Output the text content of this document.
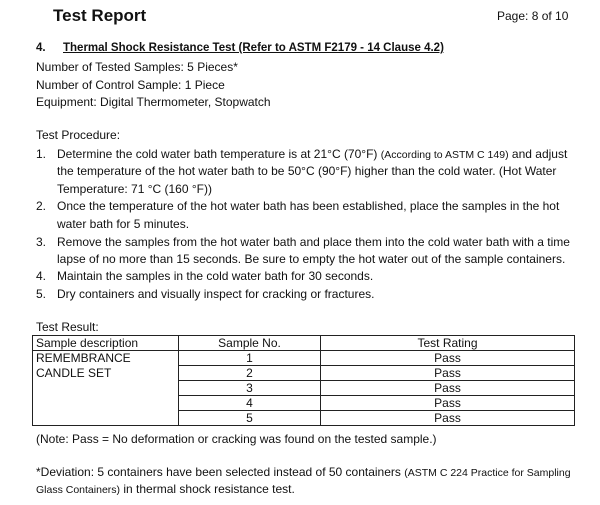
Test Report	Page: 8 of 10
4. Thermal Shock Resistance Test (Refer to ASTM F2179 - 14 Clause 4.2)
Number of Tested Samples: 5 Pieces*
Number of Control Sample: 1 Piece
Equipment: Digital Thermometer, Stopwatch
Test Procedure:
1. Determine the cold water bath temperature is at 21°C (70°F) (According to ASTM C 149) and adjust
the temperature of the hot water bath to be 50°C (90°F) higher than the cold water. (Hot Water
Temperature: 71 °C (160 °F))
2. Once the temperature of the hot water bath has been established, place the samples in the hot
water bath for 5 minutes.
3. Remove the samples from the hot water bath and place them into the cold water bath with a time
lapse of no more than 15 seconds. Be sure to empty the hot water out of the sample containers.
4. Maintain the samples in the cold water bath for 30 seconds.
5. Dry containers and visually inspect for cracking or fractures.
Test Result:
Sample description	Sample No.	Test Rating
REMEMBRANCE	1	Pass
CANDLE SET	2	Pass
	3	Pass
	4	Pass
	5	Pass
(Note: Pass = No deformation or cracking was found on the tested sample.)
*Deviation: 5 containers have been selected instead of 50 containers (ASTM C 224 Practice for Sampling
Glass Containers) in thermal shock resistance test.
